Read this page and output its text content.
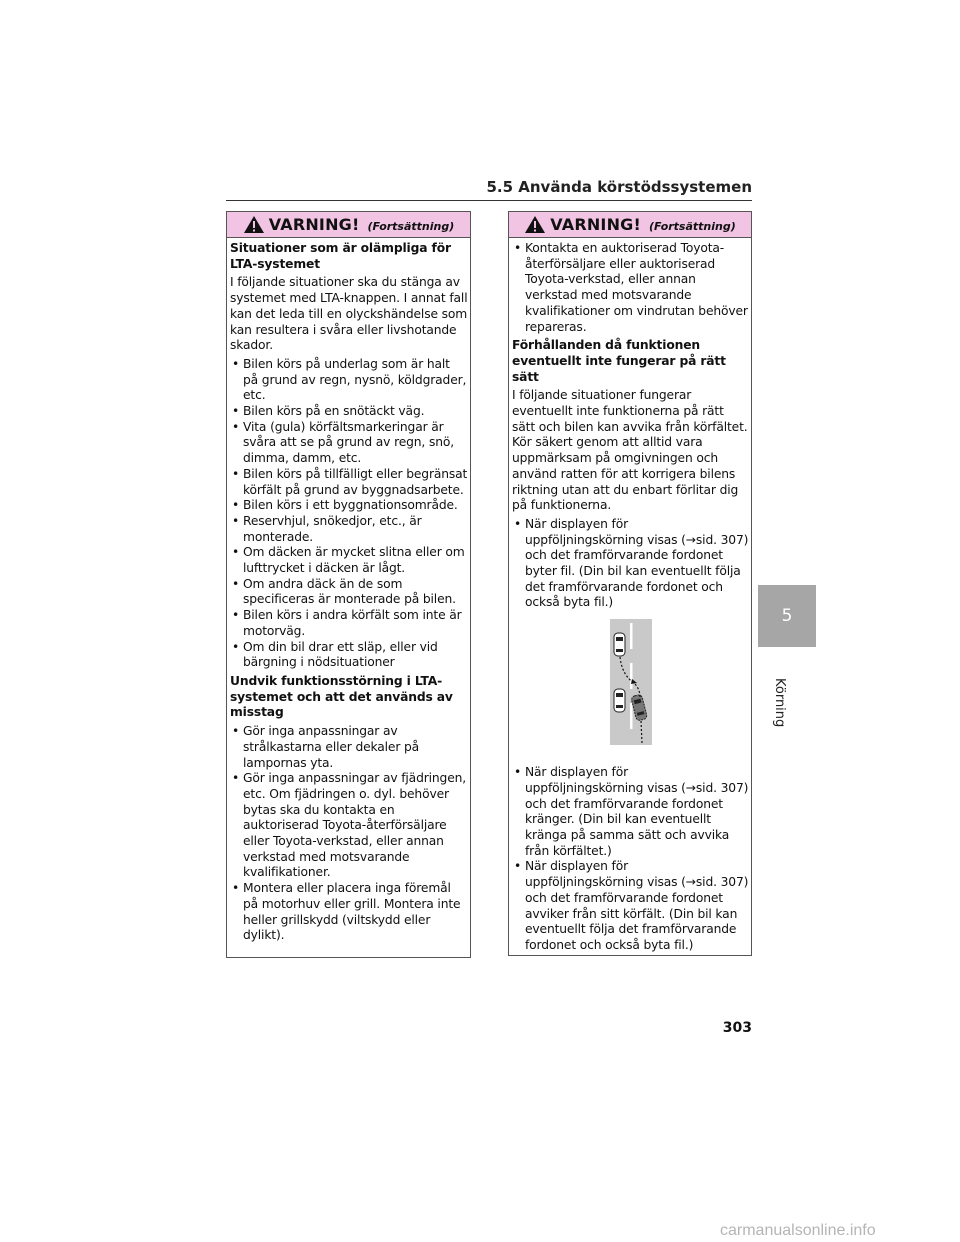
5.5 Använda körstödssystemen
VARNING! (Fortsättning)
Situationer som är olämpliga för LTA-systemet
I följande situationer ska du stänga av systemet med LTA-knappen. I annat fall kan det leda till en olyckshändelse som kan resultera i svåra eller livshotande skador.
• Bilen körs på underlag som är halt på grund av regn, nysnö, köldgrader, etc.
• Bilen körs på en snötäckt väg.
• Vita (gula) körfältsmarkeringar är svåra att se på grund av regn, snö, dimma, damm, etc.
• Bilen körs på tillfälligt eller begränsat körfält på grund av byggnadsarbete.
• Bilen körs i ett byggnationsområde.
• Reservhjul, snökedjor, etc., är monterade.
• Om däcken är mycket slitna eller om lufttrycket i däcken är lågt.
• Om andra däck än de som specificeras är monterade på bilen.
• Bilen körs i andra körfält som inte är motorväg.
• Om din bil drar ett släp, eller vid bärgning i nödsituationer
Undvik funktionsstörning i LTA-systemet och att det används av misstag
• Gör inga anpassningar av strålkastarna eller dekaler på lampornas yta.
• Gör inga anpassningar av fjädringen, etc. Om fjädringen o. dyl. behöver bytas ska du kontakta en auktoriserad Toyota-återförsäljare eller Toyota-verkstad, eller annan verkstad med motsvarande kvalifikationer.
• Montera eller placera inga föremål på motorhuv eller grill. Montera inte heller grillskydd (viltskydd eller dylikt).
VARNING! (Fortsättning)
• Kontakta en auktoriserad Toyota-återförsäljare eller auktoriserad Toyota-verkstad, eller annan verkstad med motsvarande kvalifikationer om vindrutan behöver repareras.
Förhållanden då funktionen eventuellt inte fungerar på rätt sätt
I följande situationer fungerar eventuellt inte funktionerna på rätt sätt och bilen kan avvika från körfältet. Kör säkert genom att alltid vara uppmärksam på omgivningen och använd ratten för att korrigera bilens riktning utan att du enbart förlitar dig på funktionerna.
• När displayen för uppföljningskörning visas (→sid. 307) och det framförvarande fordonet byter fil. (Din bil kan eventuellt följa det framförvarande fordonet och också byta fil.)
• När displayen för uppföljningskörning visas (→sid. 307) och det framförvarande fordonet kränger. (Din bil kan eventuellt kränga på samma sätt och avvika från körfältet.)
• När displayen för uppföljningskörning visas (→sid. 307) och det framförvarande fordonet avviker från sitt körfält. (Din bil kan eventuellt följa det framförvarande fordonet och också byta fil.)
5
Körning
303
carmanualsonline.info
